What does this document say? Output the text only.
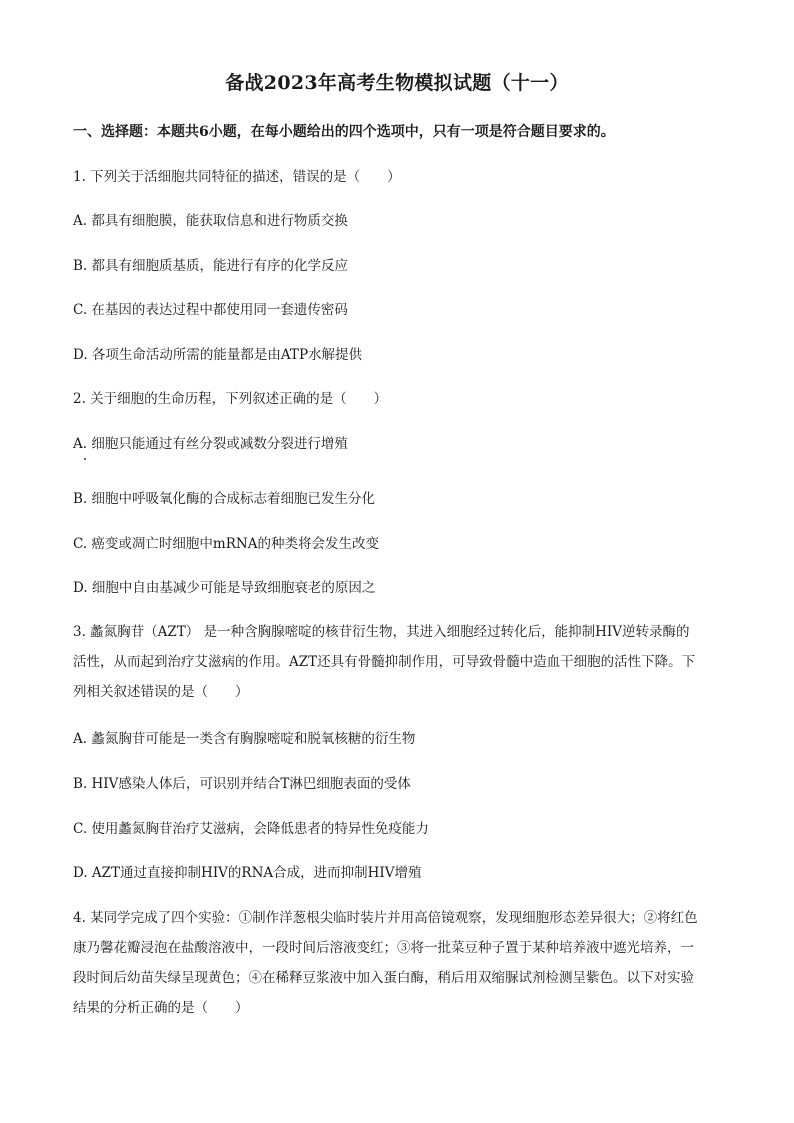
备战2023年高考生物模拟试题（十一）
一、选择题：本题共6小题，在每小题给出的四个选项中，只有一项是符合题目要求的。
1. 下列关于活细胞共同特征的描述，错误的是（　　）
A. 都具有细胞膜，能获取信息和进行物质交换
B. 都具有细胞质基质，能进行有序的化学反应
C. 在基因的表达过程中都使用同一套遗传密码
D. 各项生命活动所需的能量都是由ATP水解提供
2. 关于细胞的生命历程，下列叙述正确的是（　　）
A. 细胞只能通过有丝分裂或减数分裂进行增殖
B. 细胞中呼吸氧化酶的合成标志着细胞已发生分化
C. 癌变或凋亡时细胞中mRNA的种类将会发生改变
D. 细胞中自由基减少可能是导致细胞衰老的原因之
3. 蠡氮胸苷（AZT） 是一种含胸腺嘧啶的核苷衍生物，其进入细胞经过转化后，能抑制HIV逆转录酶的
活性，从而起到治疗艾滋病的作用。AZT还具有骨髓抑制作用，可导致骨髓中造血干细胞的活性下降。下
列相关叙述错误的是（　　）
A. 蠡氮胸苷可能是一类含有胸腺嘧啶和脱氧核糖的衍生物
B. HIV感染人体后，可识别并结合T淋巴细胞表面的受体
C. 使用蠡氮胸苷治疗艾滋病，会降低患者的特异性免疫能力
D. AZT通过直接抑制HIV的RNA合成，进而抑制HIV增殖
4. 某同学完成了四个实验：①制作洋葱根尖临时装片并用高倍镜观察，发现细胞形态差异很大；②将红色
康乃馨花瓣浸泡在盐酸溶液中，一段时间后溶液变红；③将一批菜豆种子置于某种培养液中遮光培养，一
段时间后幼苗失绿呈现黄色；④在稀释豆浆液中加入蛋白酶，稍后用双缩脲试剂检测呈紫色。以下对实验
结果的分析正确的是（　　）
